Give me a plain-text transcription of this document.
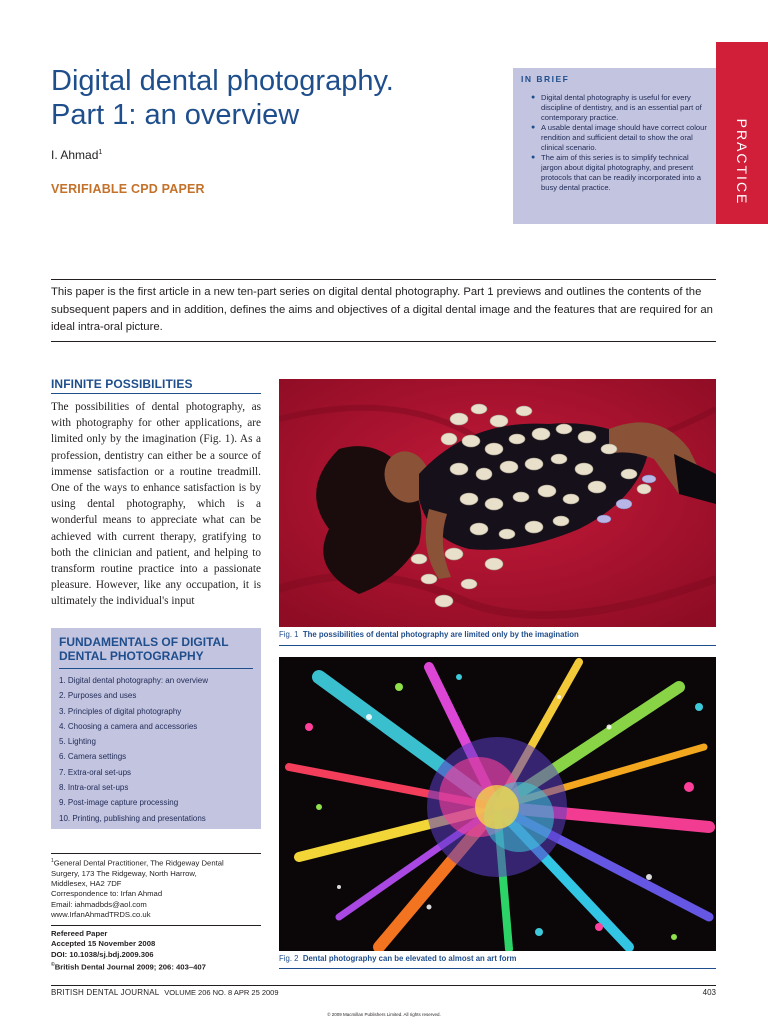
Digital dental photography.
Part 1: an overview
I. Ahmad$^1$
VERIFIABLE CPD PAPER
IN BRIEF
● Digital dental photography is useful for every discipline of dentistry, and is an essential part of contemporary practice.
● A usable dental image should have correct colour rendition and sufficient detail to show the oral clinical scenario.
● The aim of this series is to simplify technical jargon about digital photography, and present protocols that can be readily incorporated into a busy dental practice.	PRACTICE
This paper is the first article in a new ten-part series on digital dental photography. Part 1 previews and outlines the contents of the subsequent papers and in addition, defines the aims and objectives of a digital dental image and the features that are required for an ideal intra-oral picture.
INFINITE POSSIBILITIES
The possibilities of dental photography, as with photography for other applications, are limited only by the imagination (Fig. 1). As a profession, dentistry can either be a source of immense satisfaction or a routine treadmill. One of the ways to enhance satisfaction is by using dental photography, which is a wonderful means to appreciate what can be achieved with current therapy, gratifying to both the clinician and patient, and helping to transform routine practice into a passionate pleasure. However, like any occupation, it is ultimately the individual's input
FUNDAMENTALS OF DIGITAL DENTAL PHOTOGRAPHY
1. Digital dental photography: an overview
2. Purposes and uses
3. Principles of digital photography
4. Choosing a camera and accessories
5. Lighting
6. Camera settings
7. Extra-oral set-ups
8. Intra-oral set-ups
9. Post-image capture processing
10. Printing, publishing and presentations
$^1$General Dental Practitioner, The Ridgeway Dental
Surgery, 173 The Ridgeway, North Harrow,
Middlesex, HA2 7DF
Correspondence to: Irfan Ahmad
Email: iahmadbds@aol.com
www.IrfanAhmadTRDS.co.uk
Refereed Paper
Accepted 15 November 2008
DOI: 10.1038/sj.bdj.2009.306
©British Dental Journal 2009; 206: 403–407
Fig. 1 The possibilities of dental photography are limited only by the imagination
Fig. 2 Dental photography can be elevated to almost an art form
BRITISH DENTAL JOURNAL VOLUME 206 NO. 8 APR 25 2009	403
© 2009 Macmillan Publishers Limited. All rights reserved.
